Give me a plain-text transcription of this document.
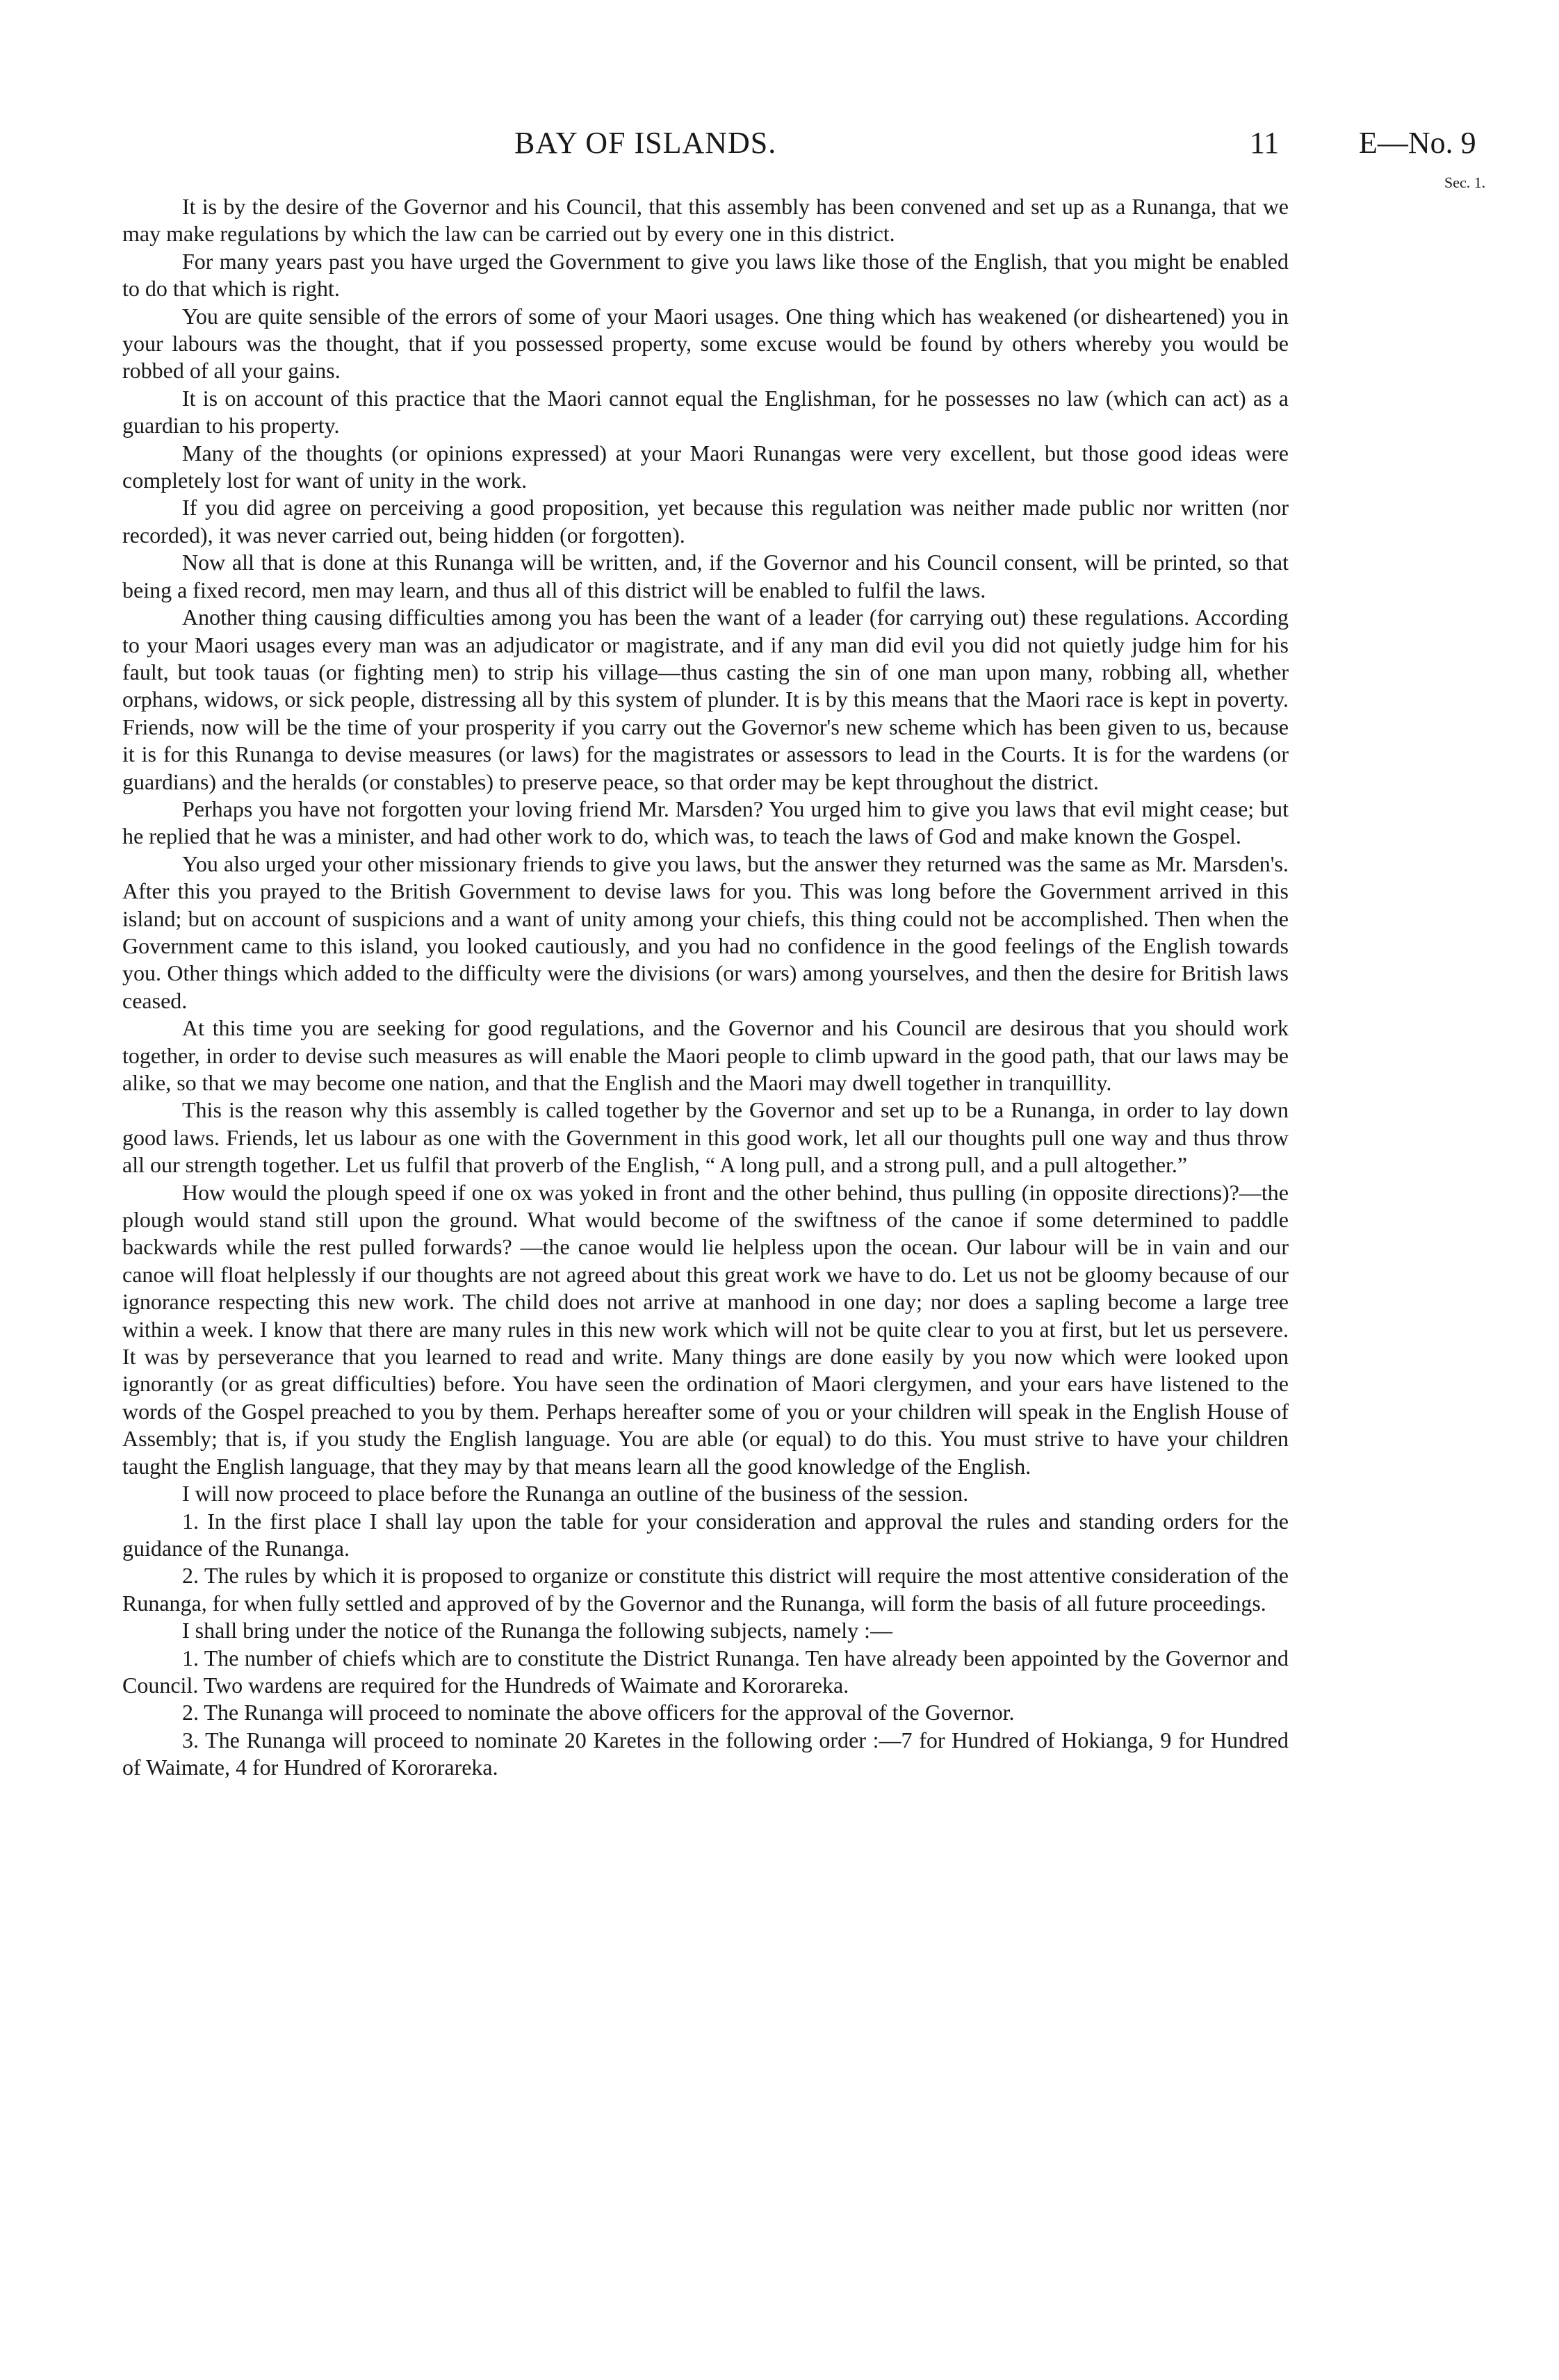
BAY OF ISLANDS.	11	E—No. 9
Sec. 1.

It is by the desire of the Governor and his Council, that this assembly has been convened and set up as a Runanga, that we may make regulations by which the law can be carried out by every one in this district.

For many years past you have urged the Government to give you laws like those of the English, that you might be enabled to do that which is right.

You are quite sensible of the errors of some of your Maori usages. One thing which has weakened (or disheartened) you in your labours was the thought, that if you possessed property, some excuse would be found by others whereby you would be robbed of all your gains.

It is on account of this practice that the Maori cannot equal the Englishman, for he possesses no law (which can act) as a guardian to his property.

Many of the thoughts (or opinions expressed) at your Maori Runangas were very excellent, but those good ideas were completely lost for want of unity in the work.

If you did agree on perceiving a good proposition, yet because this regulation was neither made public nor written (nor recorded), it was never carried out, being hidden (or forgotten).

Now all that is done at this Runanga will be written, and, if the Governor and his Council consent, will be printed, so that being a fixed record, men may learn, and thus all of this district will be enabled to fulfil the laws.

Another thing causing difficulties among you has been the want of a leader (for carrying out) these regulations. According to your Maori usages every man was an adjudicator or magistrate, and if any man did evil you did not quietly judge him for his fault, but took tauas (or fighting men) to strip his village—thus casting the sin of one man upon many, robbing all, whether orphans, widows, or sick people, distressing all by this system of plunder. It is by this means that the Maori race is kept in poverty. Friends, now will be the time of your prosperity if you carry out the Governor's new scheme which has been given to us, because it is for this Runanga to devise measures (or laws) for the magistrates or assessors to lead in the Courts. It is for the wardens (or guardians) and the heralds (or constables) to preserve peace, so that order may be kept throughout the district.

Perhaps you have not forgotten your loving friend Mr. Marsden? You urged him to give you laws that evil might cease; but he replied that he was a minister, and had other work to do, which was, to teach the laws of God and make known the Gospel.

You also urged your other missionary friends to give you laws, but the answer they returned was the same as Mr. Marsden's. After this you prayed to the British Government to devise laws for you. This was long before the Government arrived in this island; but on account of suspicions and a want of unity among your chiefs, this thing could not be accomplished. Then when the Government came to this island, you looked cautiously, and you had no confidence in the good feelings of the English towards you. Other things which added to the difficulty were the divisions (or wars) among yourselves, and then the desire for British laws ceased.

At this time you are seeking for good regulations, and the Governor and his Council are desirous that you should work together, in order to devise such measures as will enable the Maori people to climb upward in the good path, that our laws may be alike, so that we may become one nation, and that the English and the Maori may dwell together in tranquillity.

This is the reason why this assembly is called together by the Governor and set up to be a Runanga, in order to lay down good laws. Friends, let us labour as one with the Government in this good work, let all our thoughts pull one way and thus throw all our strength together. Let us fulfil that proverb of the English, “ A long pull, and a strong pull, and a pull altogether.”

How would the plough speed if one ox was yoked in front and the other behind, thus pulling (in opposite directions)?—the plough would stand still upon the ground. What would become of the swiftness of the canoe if some determined to paddle backwards while the rest pulled forwards? —the canoe would lie helpless upon the ocean. Our labour will be in vain and our canoe will float helplessly if our thoughts are not agreed about this great work we have to do. Let us not be gloomy because of our ignorance respecting this new work. The child does not arrive at manhood in one day; nor does a sapling become a large tree within a week. I know that there are many rules in this new work which will not be quite clear to you at first, but let us persevere. It was by perseverance that you learned to read and write. Many things are done easily by you now which were looked upon ignorantly (or as great difficulties) before. You have seen the ordination of Maori clergymen, and your ears have listened to the words of the Gospel preached to you by them. Perhaps hereafter some of you or your children will speak in the English House of Assembly; that is, if you study the English language. You are able (or equal) to do this. You must strive to have your children taught the English language, that they may by that means learn all the good knowledge of the English.

I will now proceed to place before the Runanga an outline of the business of the session.

1. In the first place I shall lay upon the table for your consideration and approval the rules and standing orders for the guidance of the Runanga.

2. The rules by which it is proposed to organize or constitute this district will require the most attentive consideration of the Runanga, for when fully settled and approved of by the Governor and the Runanga, will form the basis of all future proceedings.

I shall bring under the notice of the Runanga the following subjects, namely :—

1. The number of chiefs which are to constitute the District Runanga. Ten have already been appointed by the Governor and Council. Two wardens are required for the Hundreds of Waimate and Kororareka.

2. The Runanga will proceed to nominate the above officers for the approval of the Governor.

3. The Runanga will proceed to nominate 20 Karetes in the following order :—7 for Hundred of Hokianga, 9 for Hundred of Waimate, 4 for Hundred of Kororareka.
